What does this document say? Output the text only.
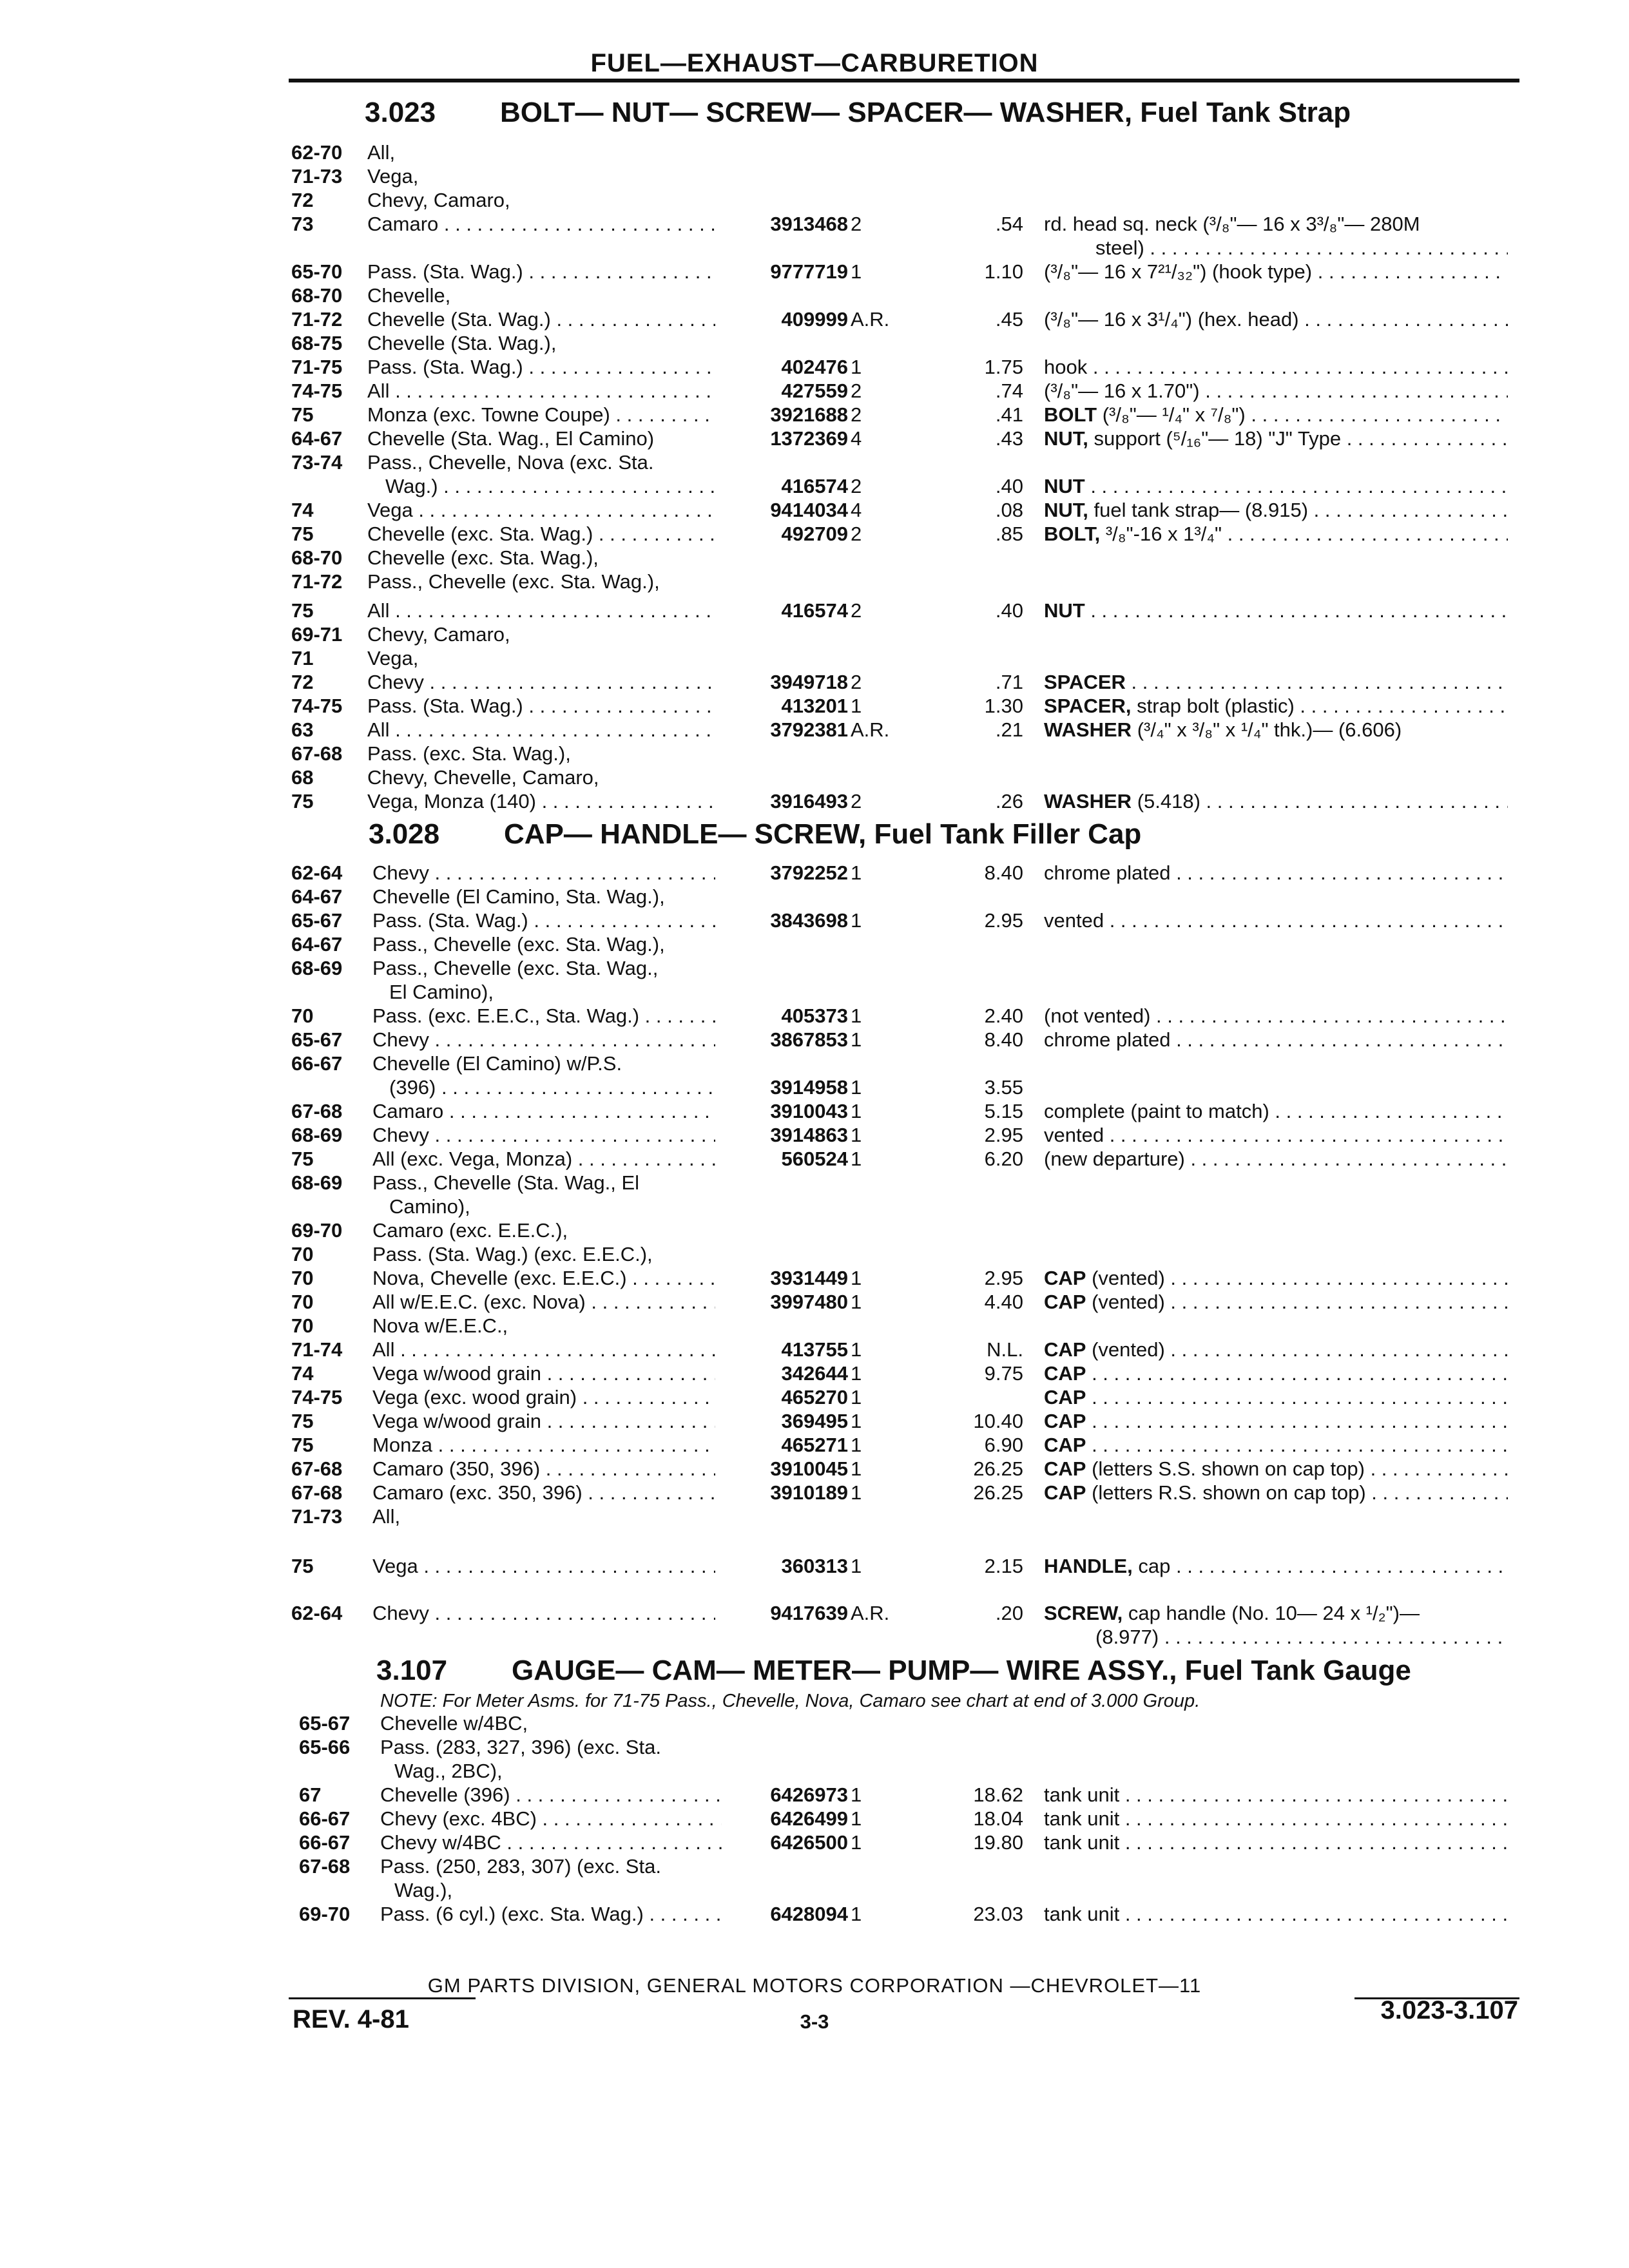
FUEL—EXHAUST—CARBURETION
3.023 BOLT— NUT— SCREW— SPACER— WASHER, Fuel Tank Strap
3.028 CAP— HANDLE— SCREW, Fuel Tank Filler Cap
3.107 GAUGE— CAM— METER— PUMP— WIRE ASSY., Fuel Tank Gauge
NOTE: For Meter Asms. for 71-75 Pass., Chevelle, Nova, Camaro see chart at end of 3.000 Group.
62-70 All,
71-73 Vega,
72	Chevy, Camaro,
73	Camaro . . .	3913468 2	.54 rd. head sq. neck (³/₈"— 16 x 3³/₈"— 280M
steel) . . .
65-70 Pass. (Sta. Wag.) . . .	9777719 1	1.10 (³/₈"— 16 x 7²¹/₃₂") (hook type) . . .
68-70 Chevelle,
71-72 Chevelle (Sta. Wag.) . . .	409999 A.R.	.45 (³/₈"— 16 x 3¹/₄") (hex. head) . . .
68-75 Chevelle (Sta. Wag.),
71-75 Pass. (Sta. Wag.) . . .	402476 1	1.75 hook . . .
74-75 All . . .	427559 2	.74 (³/₈"— 16 x 1.70") . . .
75	Monza (exc. Towne Coupe) . . .	3921688 2	.41 BOLT (³/₈"— ¹/₄" x ⁷/₈") . . .
64-67 Chevelle (Sta. Wag., El Camino)	1372369 4	.43 NUT, support (⁵/₁₆"— 18) "J" Type . . .
73-74 Pass., Chevelle, Nova (exc. Sta.
Wag.) . . .	416574 2	.40 NUT . . .
74	Vega . . .	9414034 4	.08 NUT, fuel tank strap— (8.915) . . .
75	Chevelle (exc. Sta. Wag.) . . .	492709 2	.85 BOLT, ³/₈"-16 x 1³/₄" . . .
68-70 Chevelle (exc. Sta. Wag.),
71-72 Pass., Chevelle (exc. Sta. Wag.),
75	All . . .	416574 2	.40 NUT . . .
69-71 Chevy, Camaro,
71	Vega,
72	Chevy . . .	3949718 2	.71 SPACER . . .
74-75 Pass. (Sta. Wag.) . . .	413201 1	1.30 SPACER, strap bolt (plastic) . . .
63	All . . .	3792381 A.R.	.21 WASHER (³/₄" x ³/₈" x ¹/₄" thk.)— (6.606)
67-68 Pass. (exc. Sta. Wag.),
68	Chevy, Chevelle, Camaro,
75	Vega, Monza (140) . . .	3916493 2	.26 WASHER (5.418) . . .
62-64 Chevy . . .	3792252 1	8.40 chrome plated . . .
64-67 Chevelle (El Camino, Sta. Wag.),
65-67 Pass. (Sta. Wag.) . . .	3843698 1	2.95 vented . . .
64-67 Pass., Chevelle (exc. Sta. Wag.),
68-69 Pass., Chevelle (exc. Sta. Wag.,
El Camino),
70	Pass. (exc. E.E.C., Sta. Wag.) . . .	405373 1	2.40 (not vented) . . .
65-67 Chevy . . .	3867853 1	8.40 chrome plated . . .
66-67 Chevelle (El Camino) w/P.S.
(396) . . .	3914958 1	3.55
67-68 Camaro . . .	3910043 1	5.15 complete (paint to match) . . .
68-69 Chevy . . .	3914863 1	2.95 vented . . .
75	All (exc. Vega, Monza) . . .	560524 1	6.20 (new departure) . . .
68-69 Pass., Chevelle (Sta. Wag., El
Camino),
69-70 Camaro (exc. E.E.C.),
70	Pass. (Sta. Wag.) (exc. E.E.C.),
70	Nova, Chevelle (exc. E.E.C.) . . .	3931449 1	2.95 CAP (vented) . . .
70	All w/E.E.C. (exc. Nova) . . .	3997480 1	4.40 CAP (vented) . . .
70	Nova w/E.E.C.,
71-74 All . . .	413755 1	N.L. CAP (vented) . . .
74	Vega w/wood grain . . .	342644 1	9.75 CAP . . .
74-75 Vega (exc. wood grain) . . .	465270 1	CAP . . .
75	Vega w/wood grain . . .	369495 1	10.40 CAP . . .
75	Monza . . .	465271 1	6.90 CAP . . .
67-68 Camaro (350, 396) . . .	3910045 1	26.25 CAP (letters S.S. shown on cap top) . . .
67-68 Camaro (exc. 350, 396) . . .	3910189 1	26.25 CAP (letters R.S. shown on cap top) . . .
71-73 All,
75	Vega . . .	360313 1	2.15 HANDLE, cap . . .
62-64 Chevy . . .	9417639 A.R.	.20 SCREW, cap handle (No. 10— 24 x ¹/₂")—
(8.977) . . .
65-67 Chevelle w/4BC,
65-66 Pass. (283, 327, 396) (exc. Sta.
Wag., 2BC),
67	Chevelle (396) . . .	6426973 1	18.62 tank unit . . .
66-67 Chevy (exc. 4BC) . . .	6426499 1	18.04 tank unit . . .
66-67 Chevy w/4BC . . .	6426500 1	19.80 tank unit . . .
67-68 Pass. (250, 283, 307) (exc. Sta.
Wag.),
69-70 Pass. (6 cyl.) (exc. Sta. Wag.) . . .	6428094 1	23.03 tank unit . . .
GM PARTS DIVISION, GENERAL MOTORS CORPORATION —CHEVROLET—11
REV. 4-81	3-3	3.023-3.107
